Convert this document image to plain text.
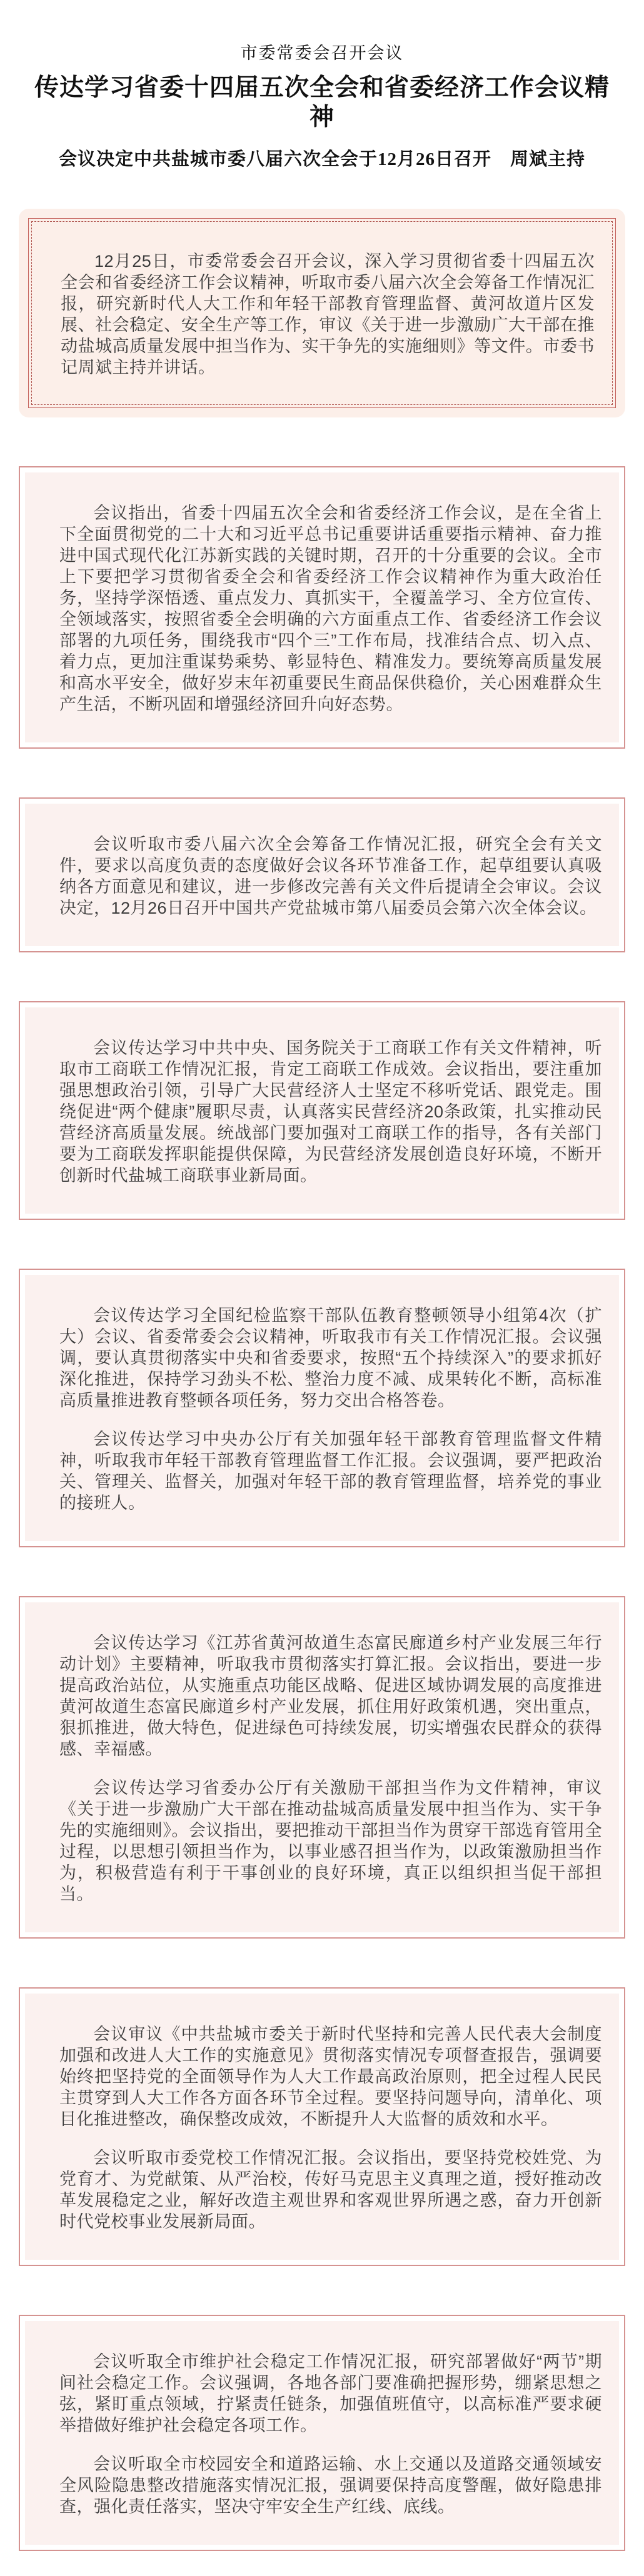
市委常委会召开会议

传达学习省委十四届五次全会和省委经济工作会议精神
会议决定中共盐城市委八届六次全会于12月26日召开　周斌主持

12月25日，市委常委会召开会议，深入学习贯彻省委十四届五次全会和省委经济工作会议精神，听取市委八届六次全会筹备工作情况汇报，研究新时代人大工作和年轻干部教育管理监督、黄河故道片区发展、社会稳定、安全生产等工作，审议《关于进一步激励广大干部在推动盐城高质量发展中担当作为、实干争先的实施细则》等文件。市委书记周斌主持并讲话。

会议指出，省委十四届五次全会和省委经济工作会议，是在全省上下全面贯彻党的二十大和习近平总书记重要讲话重要指示精神、奋力推进中国式现代化江苏新实践的关键时期，召开的十分重要的会议。全市上下要把学习贯彻省委全会和省委经济工作会议精神作为重大政治任务，坚持学深悟透、重点发力、真抓实干，全覆盖学习、全方位宣传、全领域落实，按照省委全会明确的六方面重点工作、省委经济工作会议部署的九项任务，围绕我市“四个三”工作布局，找准结合点、切入点、着力点，更加注重谋势乘势、彰显特色、精准发力。要统筹高质量发展和高水平安全，做好岁末年初重要民生商品保供稳价，关心困难群众生产生活，不断巩固和增强经济回升向好态势。

会议听取市委八届六次全会筹备工作情况汇报，研究全会有关文件，要求以高度负责的态度做好会议各环节准备工作，起草组要认真吸纳各方面意见和建议，进一步修改完善有关文件后提请全会审议。会议决定，12月26日召开中国共产党盐城市第八届委员会第六次全体会议。

会议传达学习中共中央、国务院关于工商联工作有关文件精神，听取市工商联工作情况汇报，肯定工商联工作成效。会议指出，要注重加强思想政治引领，引导广大民营经济人士坚定不移听党话、跟党走。围绕促进“两个健康”履职尽责，认真落实民营经济20条政策，扎实推动民营经济高质量发展。统战部门要加强对工商联工作的指导，各有关部门要为工商联发挥职能提供保障，为民营经济发展创造良好环境，不断开创新时代盐城工商联事业新局面。

会议传达学习全国纪检监察干部队伍教育整顿领导小组第4次（扩大）会议、省委常委会会议精神，听取我市有关工作情况汇报。会议强调，要认真贯彻落实中央和省委要求，按照“五个持续深入”的要求抓好深化推进，保持学习劲头不松、整治力度不减、成果转化不断，高标准高质量推进教育整顿各项任务，努力交出合格答卷。

会议传达学习中央办公厅有关加强年轻干部教育管理监督文件精神，听取我市年轻干部教育管理监督工作汇报。会议强调，要严把政治关、管理关、监督关，加强对年轻干部的教育管理监督，培养党的事业的接班人。

会议传达学习《江苏省黄河故道生态富民廊道乡村产业发展三年行动计划》主要精神，听取我市贯彻落实打算汇报。会议指出，要进一步提高政治站位，从实施重点功能区战略、促进区域协调发展的高度推进黄河故道生态富民廊道乡村产业发展，抓住用好政策机遇，突出重点，狠抓推进，做大特色，促进绿色可持续发展，切实增强农民群众的获得感、幸福感。

会议传达学习省委办公厅有关激励干部担当作为文件精神，审议《关于进一步激励广大干部在推动盐城高质量发展中担当作为、实干争先的实施细则》。会议指出，要把推动干部担当作为贯穿干部选育管用全过程，以思想引领担当作为，以事业感召担当作为，以政策激励担当作为，积极营造有利于干事创业的良好环境，真正以组织担当促干部担当。

会议审议《中共盐城市委关于新时代坚持和完善人民代表大会制度加强和改进人大工作的实施意见》贯彻落实情况专项督查报告，强调要始终把坚持党的全面领导作为人大工作最高政治原则，把全过程人民民主贯穿到人大工作各方面各环节全过程。要坚持问题导向，清单化、项目化推进整改，确保整改成效，不断提升人大监督的质效和水平。

会议听取市委党校工作情况汇报。会议指出，要坚持党校姓党、为党育才、为党献策、从严治校，传好马克思主义真理之道，授好推动改革发展稳定之业，解好改造主观世界和客观世界所遇之惑，奋力开创新时代党校事业发展新局面。

会议听取全市维护社会稳定工作情况汇报，研究部署做好“两节”期间社会稳定工作。会议强调，各地各部门要准确把握形势，绷紧思想之弦，紧盯重点领域，拧紧责任链条，加强值班值守，以高标准严要求硬举措做好维护社会稳定各项工作。

会议听取全市校园安全和道路运输、水上交通以及道路交通领域安全风险隐患整改措施落实情况汇报，强调要保持高度警醒，做好隐患排查，强化责任落实，坚决守牢安全生产红线、底线。
